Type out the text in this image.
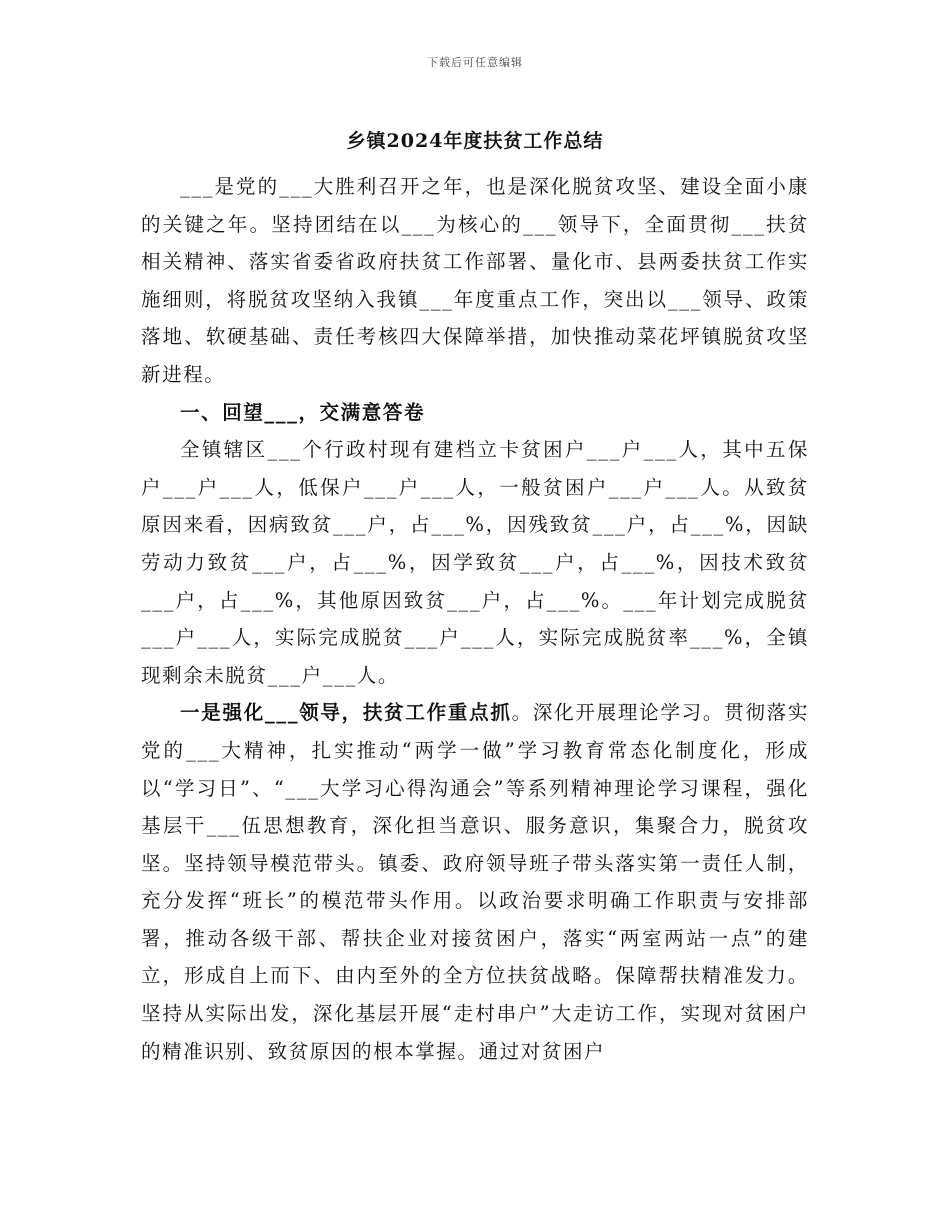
下载后可任意编辑
乡镇2024年度扶贫工作总结

___是党的___大胜利召开之年，也是深化脱贫攻坚、建设全面小康的关键之年。坚持团结在以___为核心的___领导下，全面贯彻___扶贫相关精神、落实省委省政府扶贫工作部署、量化市、县两委扶贫工作实施细则，将脱贫攻坚纳入我镇___年度重点工作，突出以___领导、政策落地、软硬基础、责任考核四大保障举措，加快推动菜花坪镇脱贫攻坚新进程。

一、回望___，交满意答卷

全镇辖区___个行政村现有建档立卡贫困户___户___人，其中五保户___户___人，低保户___户___人，一般贫困户___户___人。从致贫原因来看，因病致贫___户，占___%，因残致贫___户，占___%，因缺劳动力致贫___户，占___%，因学致贫___户，占___%，因技术致贫___户，占___%，其他原因致贫___户，占___%。___年计划完成脱贫___户___人，实际完成脱贫___户___人，实际完成脱贫率___%，全镇现剩余未脱贫___户___人。

一是强化___领导，扶贫工作重点抓。深化开展理论学习。贯彻落实党的___大精神，扎实推动“两学一做”学习教育常态化制度化，形成以“学习日”、“___大学习心得沟通会”等系列精神理论学习课程，强化基层干___伍思想教育，深化担当意识、服务意识，集聚合力，脱贫攻坚。坚持领导模范带头。镇委、政府领导班子带头落实第一责任人制，充分发挥“班长”的模范带头作用。以政治要求明确工作职责与安排部署，推动各级干部、帮扶企业对接贫困户，落实“两室两站一点”的建立，形成自上而下、由内至外的全方位扶贫战略。保障帮扶精准发力。坚持从实际出发，深化基层开展“走村串户”大走访工作，实现对贫困户的精准识别、致贫原因的根本掌握。通过对贫困户
